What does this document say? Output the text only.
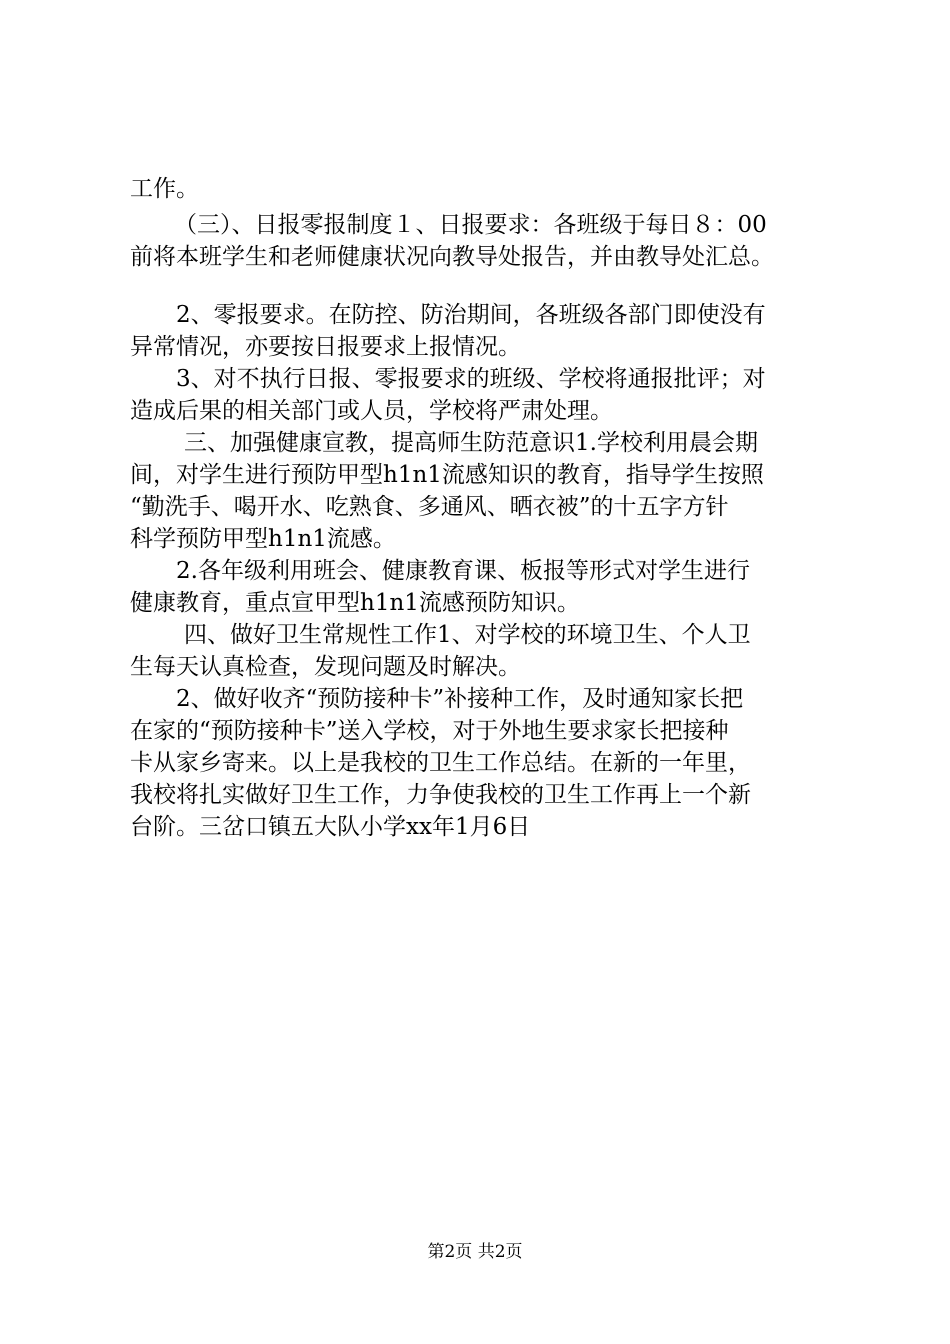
工作。
（三）、日报零报制度１、日报要求：各班级于每日８：00
前将本班学生和老师健康状况向教导处报告，并由教导处汇总。
2、零报要求。在防控、防治期间，各班级各部门即使没有
异常情况，亦要按日报要求上报情况。
3、对不执行日报、零报要求的班级、学校将通报批评；对
造成后果的相关部门或人员，学校将严肃处理。
三、加强健康宣教，提高师生防范意识1.学校利用晨会期
间，对学生进行预防甲型h1n1流感知识的教育，指导学生按照
“勤洗手、喝开水、吃熟食、多通风、晒衣被”的十五字方针
科学预防甲型h1n1流感。
2.各年级利用班会、健康教育课、板报等形式对学生进行
健康教育，重点宣甲型h1n1流感预防知识。
四、做好卫生常规性工作1、对学校的环境卫生、个人卫
生每天认真检查，发现问题及时解决。
2、做好收齐“预防接种卡”补接种工作，及时通知家长把
在家的“预防接种卡”送入学校，对于外地生要求家长把接种
卡从家乡寄来。以上是我校的卫生工作总结。在新的一年里，
我校将扎实做好卫生工作，力争使我校的卫生工作再上一个新
台阶。三岔口镇五大队小学xx年1月6日
第2页 共2页
